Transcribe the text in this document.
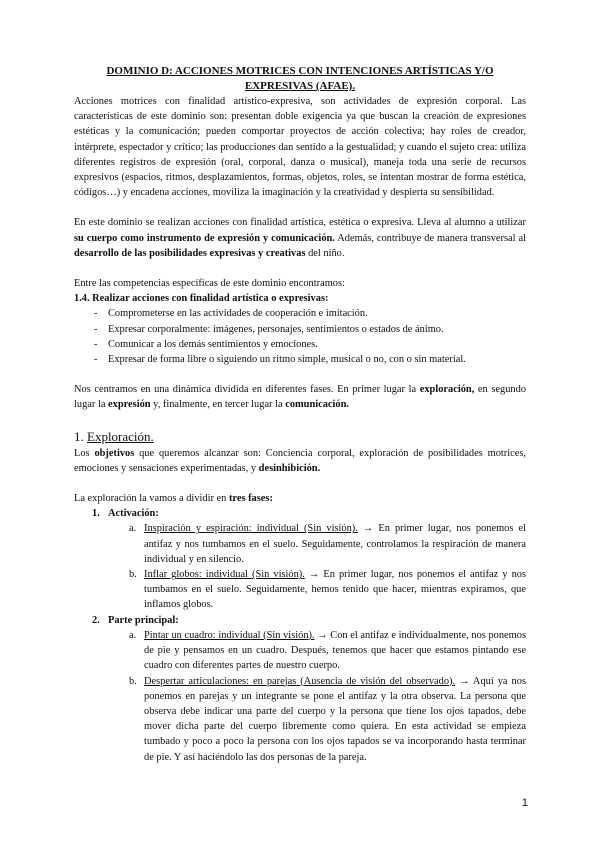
DOMINIO D: ACCIONES MOTRICES CON INTENCIONES ARTÍSTICAS Y/O EXPRESIVAS (AFAE).

Acciones motrices con finalidad artístico-expresiva, son actividades de expresión corporal. Las características de este dominio son: presentan doble exigencia ya que buscan la creación de expresiones estéticas y la comunicación; pueden comportar proyectos de acción colectiva; hay roles de creador, intérprete, espectador y crítico; las producciones dan sentido a la gestualidad; y cuando el sujeto crea: utiliza diferentes registros de expresión (oral, corporal, danza o musical), maneja toda una serie de recursos expresivos (espacios, ritmos, desplazamientos, formas, objetos, roles, se intentan mostrar de forma estética, códigos…) y encadena acciones, moviliza la imaginación y la creatividad y despierta su sensibilidad.

En este dominio se realizan acciones con finalidad artística, estética o expresiva. Lleva al alumno a utilizar su cuerpo como instrumento de expresión y comunicación. Además, contribuye de manera transversal al desarrollo de las posibilidades expresivas y creativas del niño.

Entre las competencias específicas de este dominio encontramos:

1.4. Realizar acciones con finalidad artística o expresivas:

- Comprometerse en las actividades de cooperación e imitación.
- Expresar corporalmente: imágenes, personajes, sentimientos o estados de ánimo.
- Comunicar a los demás sentimientos y emociones.
- Expresar de forma libre o siguiendo un ritmo simple, musical o no, con o sin material.

Nos centramos en una dinámica dividida en diferentes fases. En primer lugar la exploración, en segundo lugar la expresión y, finalmente, en tercer lugar la comunicación.

1. Exploración.

Los objetivos que queremos alcanzar son: Conciencia corporal, exploración de posibilidades motrices, emociones y sensaciones experimentadas, y desinhibición.

La exploración la vamos a dividir en tres fases:

1. Activación:
a. Inspiración y espiración: individual (Sin visión). → En primer lugar, nos ponemos el antifaz y nos tumbamos en el suelo. Seguidamente, controlamos la respiración de manera individual y en silencio.
b. Inflar globos: individual (Sin visión). → En primer lugar, nos ponemos el antifaz y nos tumbamos en el suelo. Seguidamente, hemos tenido que hacer, mientras expiramos, que inflamos globos.
2. Parte principal:
a. Pintar un cuadro: individual (Sin visión). → Con el antifaz e individualmente, nos ponemos de pie y pensamos en un cuadro. Después, tenemos que hacer que estamos pintando ese cuadro con diferentes partes de nuestro cuerpo.
b. Despertar articulaciones: en parejas (Ausencia de visión del observado). → Aquí ya nos ponemos en parejas y un integrante se pone el antifaz y la otra observa. La persona que observa debe indicar una parte del cuerpo y la persona que tiene los ojos tapados, debe mover dicha parte del cuerpo libremente como quiera. En esta actividad se empieza tumbado y poco a poco la persona con los ojos tapados se va incorporando hasta terminar de pie. Y así haciéndolo las dos personas de la pareja.
1
